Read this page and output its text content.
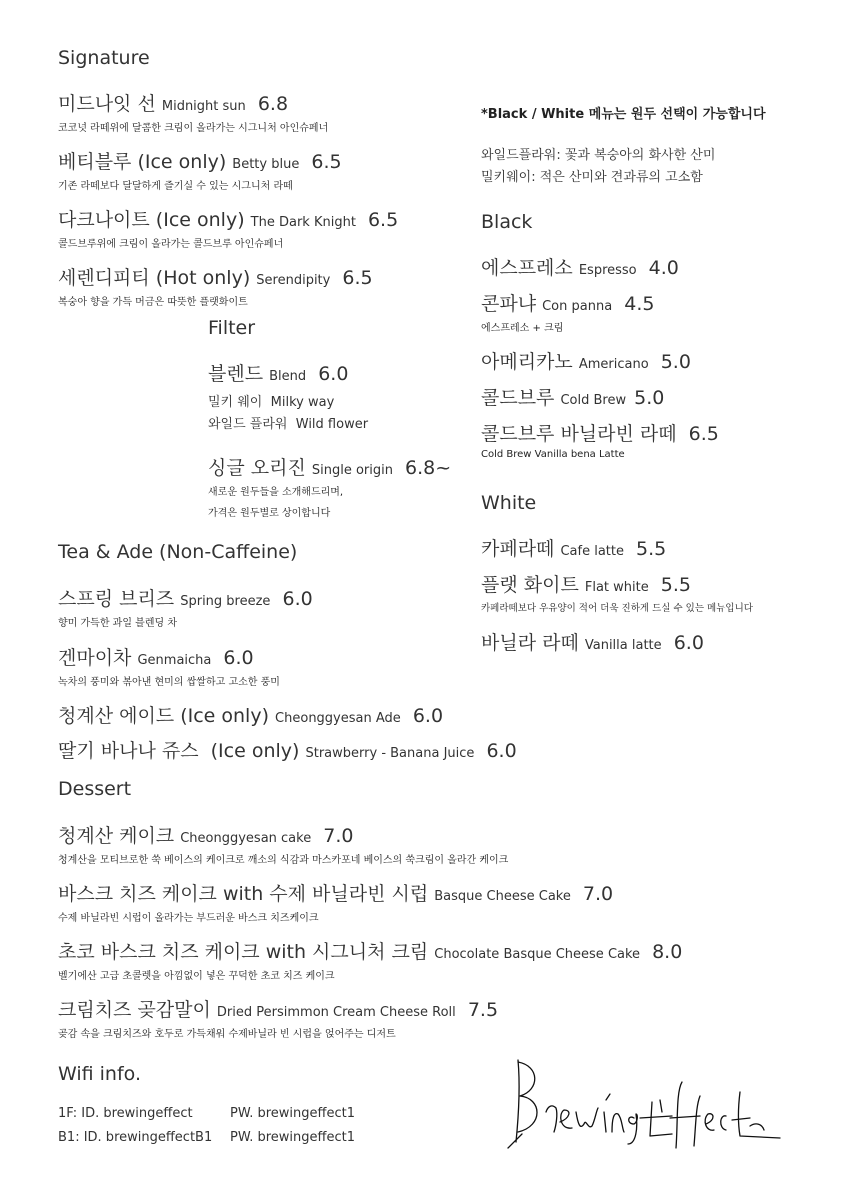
Signature
미드나잇 선 Midnight sun 6.8
코코넛 라떼위에 달콤한 크림이 올라가는 시그니처 아인슈페너
베티블루 (Ice only) Betty blue 6.5
기존 라떼보다 달달하게 즐기실 수 있는 시그니처 라떼
다크나이트 (Ice only) The Dark Knight 6.5
콜드브루위에 크림이 올라가는 콜드브루 아인슈페너
세렌디피티 (Hot only) Serendipity 6.5
복숭아 향을 가득 머금은 따뜻한 플랫화이트
Filter
블렌드 Blend 6.0
밀키 웨이 Milky way
와일드 플라워 Wild flower
싱글 오리진 Single origin 6.8~
새로운 원두들을 소개해드리며,
가격은 원두별로 상이합니다
Tea & Ade (Non-Caffeine)
스프링 브리즈 Spring breeze 6.0
향미 가득한 과일 블렌딩 차
겐마이차 Genmaicha 6.0
녹차의 풍미와 볶아낸 현미의 쌉쌀하고 고소한 풍미
청계산 에이드 (Ice only) Cheonggyesan Ade 6.0
딸기 바나나 쥬스  (Ice only) Strawberry - Banana Juice 6.0
Dessert
청계산 케이크 Cheonggyesan cake 7.0
청계산을 모티브로한 쑥 베이스의 케이크로 깨소의 식감과 마스카포네 베이스의 쑥크림이 올라간 케이크
바스크 치즈 케이크 with 수제 바닐라빈 시럽 Basque Cheese Cake 7.0
수제 바닐라빈 시럽이 올라가는 부드러운 바스크 치즈케이크
초코 바스크 치즈 케이크 with 시그니처 크림 Chocolate Basque Cheese Cake 8.0
벨기에산 고급 초콜렛을 아낌없이 넣은 꾸덕한 초코 치즈 케이크
크림치즈 곶감말이 Dried Persimmon Cream Cheese Roll 7.5
곶감 속을 크림치즈와 호두로 가득채워 수제바닐라 빈 시럽을 얹어주는 디저트
Wifi info.
1F: ID. brewingeffect	PW. brewingeffect1
B1: ID. brewingeffectB1 PW. brewingeffect1
*Black / White 메뉴는 원두 선택이 가능합니다
와일드플라워: 꽃과 복숭아의 화사한 산미
밀키웨이: 적은 산미와 견과류의 고소함
Black
에스프레소 Espresso 4.0
콘파냐 Con panna 4.5
에스프레소 + 크림
아메리카노 Americano 5.0
콜드브루 Cold Brew 5.0
콜드브루 바닐라빈 라떼 6.5
Cold Brew Vanilla bena Latte
White
카페라떼 Cafe latte 5.5
플랫 화이트 Flat white 5.5
카페라떼보다 우유양이 적어 더욱 진하게 드실 수 있는 메뉴입니다
바닐라 라떼 Vanilla latte 6.0
